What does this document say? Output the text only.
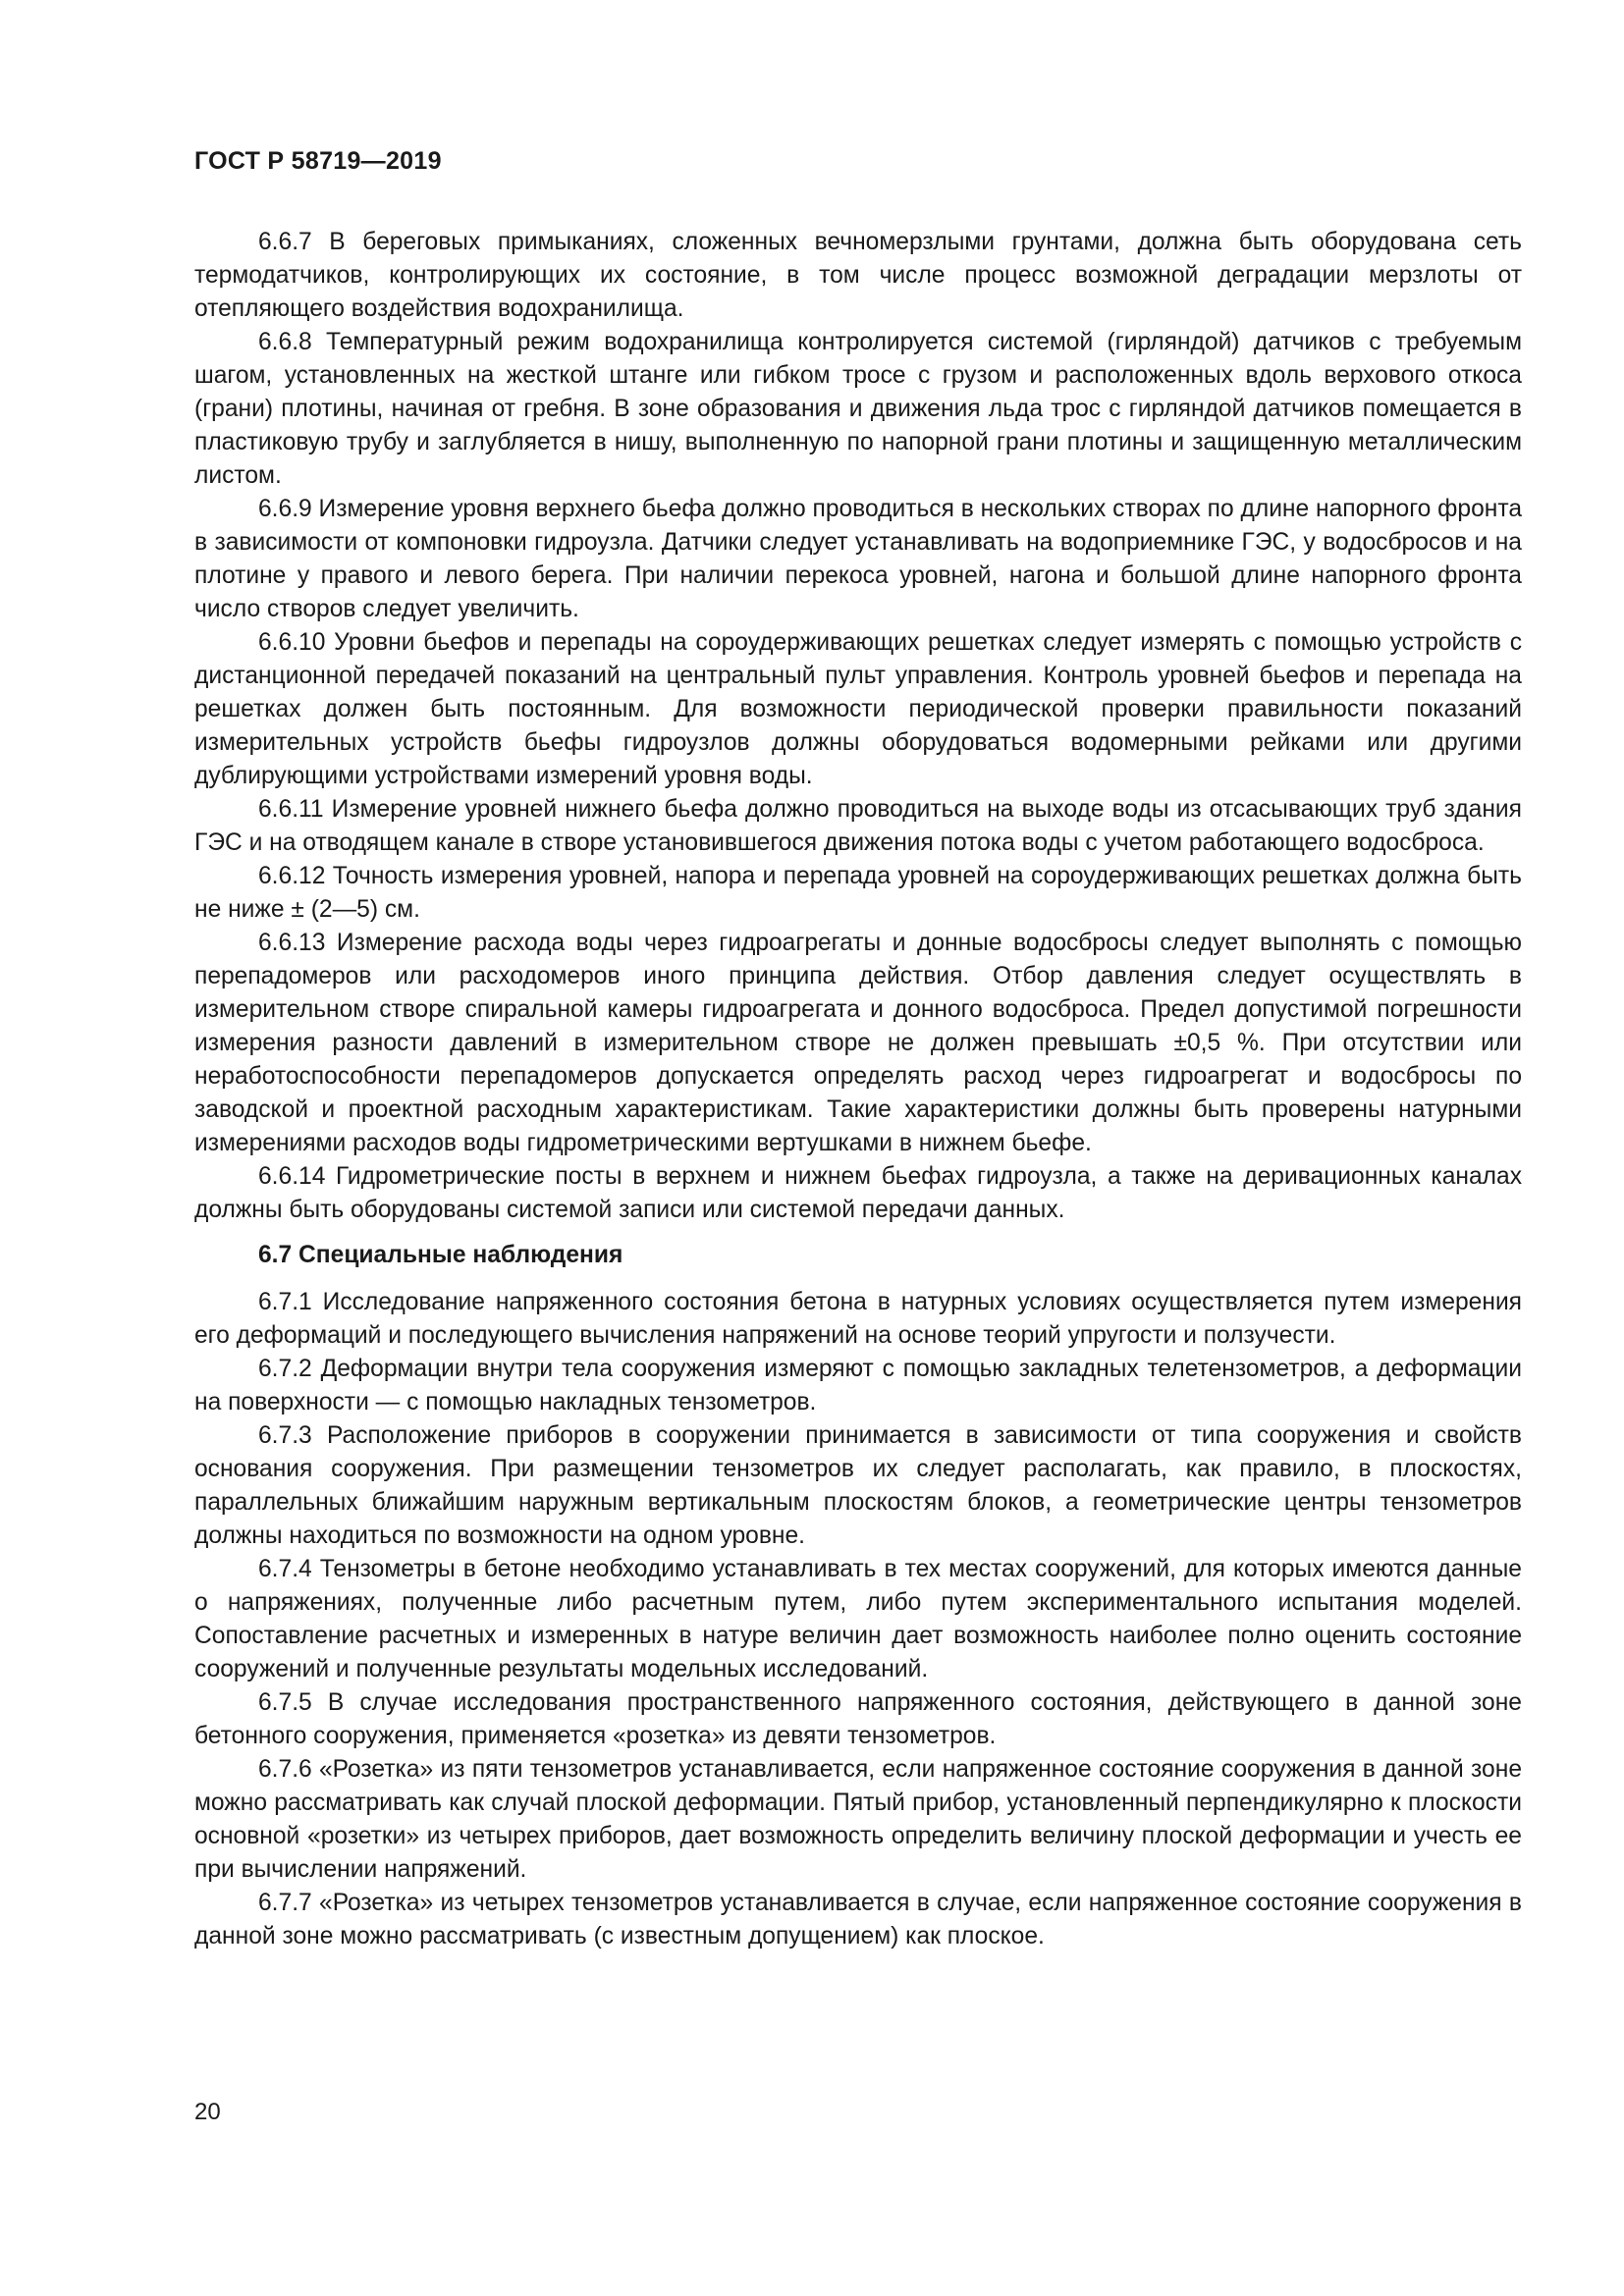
ГОСТ Р 58719—2019

6.6.7 В береговых примыканиях, сложенных вечномерзлыми грунтами, должна быть оборудована сеть термодатчиков, контролирующих их состояние, в том числе процесс возможной деградации мерзлоты от отепляющего воздействия водохранилища.

6.6.8 Температурный режим водохранилища контролируется системой (гирляндой) датчиков с требуемым шагом, установленных на жесткой штанге или гибком тросе с грузом и расположенных вдоль верхового откоса (грани) плотины, начиная от гребня. В зоне образования и движения льда трос с гирляндой датчиков помещается в пластиковую трубу и заглубляется в нишу, выполненную по напорной грани плотины и защищенную металлическим листом.

6.6.9 Измерение уровня верхнего бьефа должно проводиться в нескольких створах по длине напорного фронта в зависимости от компоновки гидроузла. Датчики следует устанавливать на водоприемнике ГЭС, у водосбросов и на плотине у правого и левого берега. При наличии перекоса уровней, нагона и большой длине напорного фронта число створов следует увеличить.

6.6.10 Уровни бьефов и перепады на сороудерживающих решетках следует измерять с помощью устройств с дистанционной передачей показаний на центральный пульт управления. Контроль уровней бьефов и перепада на решетках должен быть постоянным. Для возможности периодической проверки правильности показаний измерительных устройств бьефы гидроузлов должны оборудоваться водомерными рейками или другими дублирующими устройствами измерений уровня воды.

6.6.11 Измерение уровней нижнего бьефа должно проводиться на выходе воды из отсасывающих труб здания ГЭС и на отводящем канале в створе установившегося движения потока воды с учетом работающего водосброса.

6.6.12 Точность измерения уровней, напора и перепада уровней на сороудерживающих решетках должна быть не ниже ± (2—5) см.

6.6.13 Измерение расхода воды через гидроагрегаты и донные водосбросы следует выполнять с помощью перепадомеров или расходомеров иного принципа действия. Отбор давления следует осуществлять в измерительном створе спиральной камеры гидроагрегата и донного водосброса. Предел допустимой погрешности измерения разности давлений в измерительном створе не должен превышать ±0,5 %. При отсутствии или неработоспособности перепадомеров допускается определять расход через гидроагрегат и водосбросы по заводской и проектной расходным характеристикам. Такие характеристики должны быть проверены натурными измерениями расходов воды гидрометрическими вертушками в нижнем бьефе.

6.6.14 Гидрометрические посты в верхнем и нижнем бьефах гидроузла, а также на деривационных каналах должны быть оборудованы системой записи или системой передачи данных.

6.7 Специальные наблюдения

6.7.1 Исследование напряженного состояния бетона в натурных условиях осуществляется путем измерения его деформаций и последующего вычисления напряжений на основе теорий упругости и ползучести.

6.7.2 Деформации внутри тела сооружения измеряют с помощью закладных телетензометров, а деформации на поверхности — с помощью накладных тензометров.

6.7.3 Расположение приборов в сооружении принимается в зависимости от типа сооружения и свойств основания сооружения. При размещении тензометров их следует располагать, как правило, в плоскостях, параллельных ближайшим наружным вертикальным плоскостям блоков, а геометрические центры тензометров должны находиться по возможности на одном уровне.

6.7.4 Тензометры в бетоне необходимо устанавливать в тех местах сооружений, для которых имеются данные о напряжениях, полученные либо расчетным путем, либо путем экспериментального испытания моделей. Сопоставление расчетных и измеренных в натуре величин дает возможность наиболее полно оценить состояние сооружений и полученные результаты модельных исследований.

6.7.5 В случае исследования пространственного напряженного состояния, действующего в данной зоне бетонного сооружения, применяется «розетка» из девяти тензометров.

6.7.6 «Розетка» из пяти тензометров устанавливается, если напряженное состояние сооружения в данной зоне можно рассматривать как случай плоской деформации. Пятый прибор, установленный перпендикулярно к плоскости основной «розетки» из четырех приборов, дает возможность определить величину плоской деформации и учесть ее при вычислении напряжений.

6.7.7 «Розетка» из четырех тензометров устанавливается в случае, если напряженное состояние сооружения в данной зоне можно рассматривать (с известным допущением) как плоское.

20
